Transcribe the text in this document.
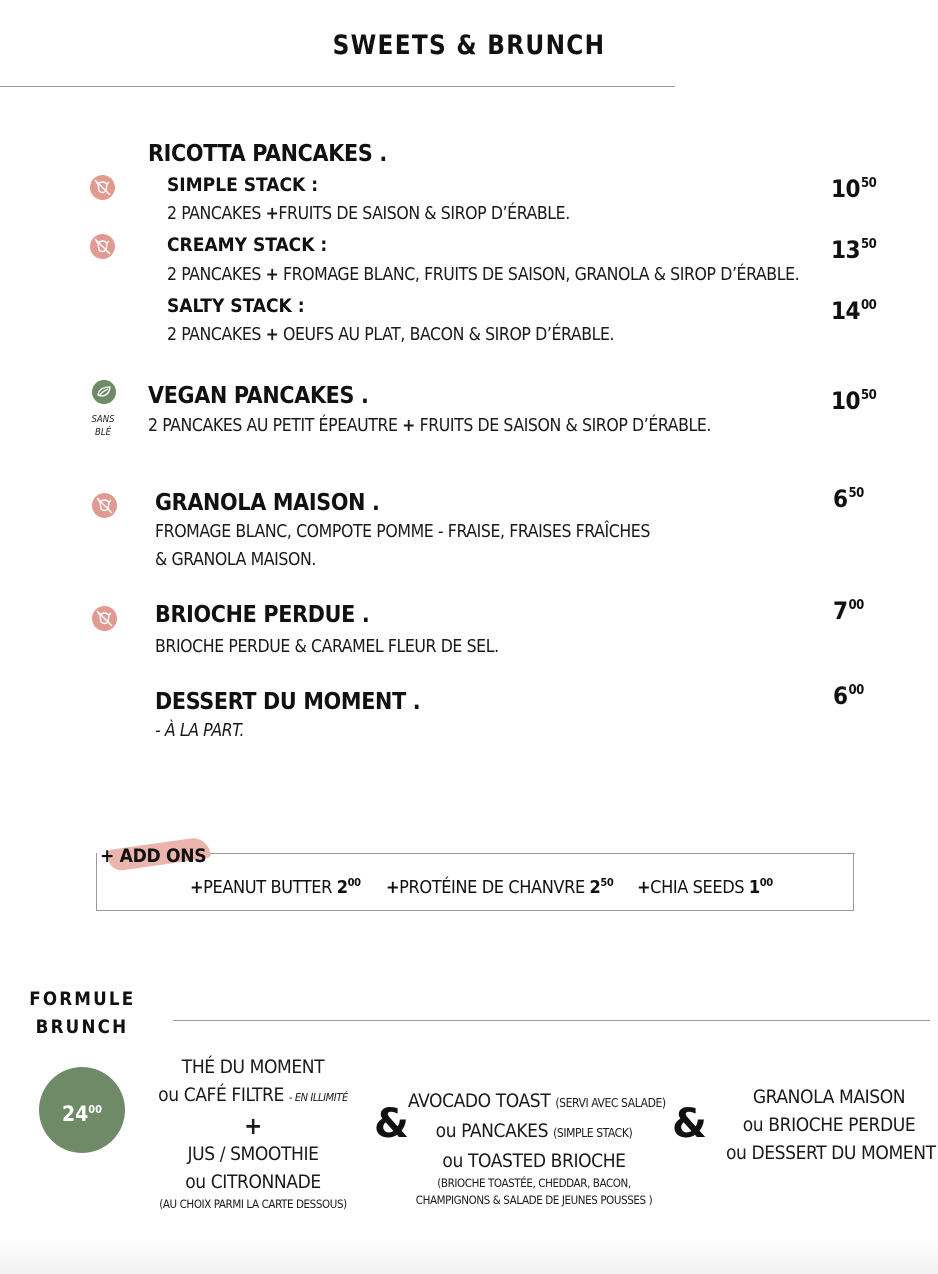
SWEETS & BRUNCH
RICOTTA PANCAKES .
SIMPLE STACK :
2 PANCAKES +FRUITS DE SAISON & SIROP D’ÉRABLE.
$10^{50}$
CREAMY STACK :
2 PANCAKES + FROMAGE BLANC, FRUITS DE SAISON, GRANOLA & SIROP D’ÉRABLE.
$13^{50}$
SALTY STACK :
2 PANCAKES + OEUFS AU PLAT, BACON & SIROP D’ÉRABLE.
$14^{00}$
SANS
BLÉ
VEGAN PANCAKES .
2 PANCAKES AU PETIT ÉPEAUTRE + FRUITS DE SAISON & SIROP D’ÉRABLE.
$10^{50}$
GRANOLA MAISON .
FROMAGE BLANC, COMPOTE POMME - FRAISE, FRAISES FRAÎCHES
& GRANOLA MAISON.
$6^{50}$
BRIOCHE PERDUE .
BRIOCHE PERDUE & CARAMEL FLEUR DE SEL.
$7^{00}$
DESSERT DU MOMENT .
- À LA PART.
$6^{00}$
+ ADD ONS
+PEANUT BUTTER $2^{00}$ +PROTÉINE DE CHANVRE $2^{50}$ +CHIA SEEDS $1^{00}$
FORMULE
BRUNCH
$24^{00}$
THÉ DU MOMENT
ou CAFÉ FILTRE - EN ILLIMITÉ
+
JUS / SMOOTHIE
ou CITRONNADE
(AU CHOIX PARMI LA CARTE DESSOUS)
& AVOCADO TOAST (SERVI AVEC SALADE)
ou PANCAKES (SIMPLE STACK)
ou TOASTED BRIOCHE
(BRIOCHE TOASTÉE, CHEDDAR, BACON,
CHAMPIGNONS & SALADE DE JEUNES POUSSES )
&
GRANOLA MAISON
ou BRIOCHE PERDUE
ou DESSERT DU MOMENT
